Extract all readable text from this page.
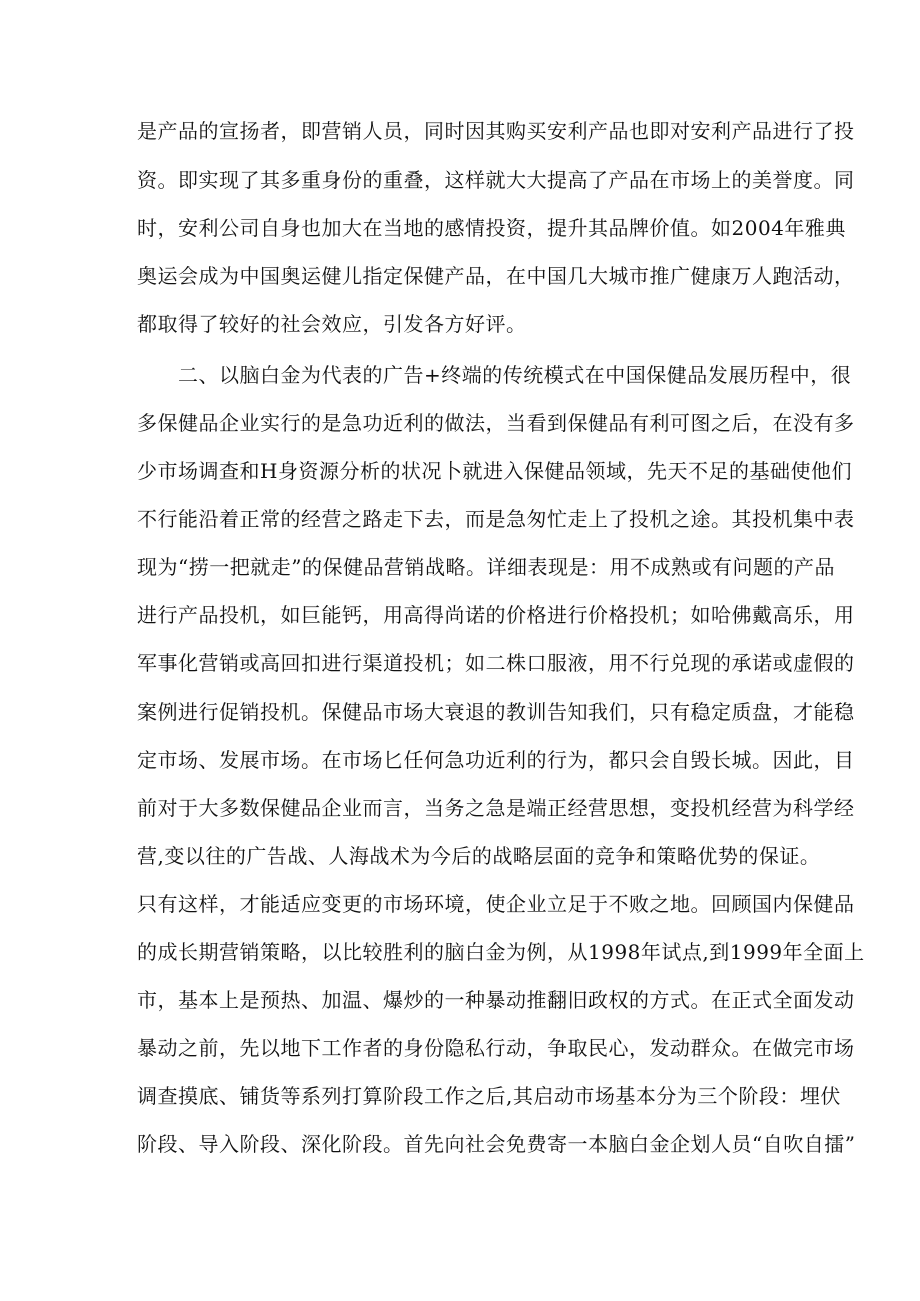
是产品的宣扬者，即营销人员，同时因其购买安利产品也即对安利产品进行了投
资。即实现了其多重身份的重叠，这样就大大提高了产品在市场上的美誉度。同
时，安利公司自身也加大在当地的感情投资，提升其品牌价值。如2004年雅典
奥运会成为中国奥运健儿指定保健产品，在中国几大城市推广健康万人跑活动，
都取得了较好的社会效应，引发各方好评。
二、以脑白金为代表的广告+终端的传统模式在中国保健品发展历程中，很
多保健品企业实行的是急功近利的做法，当看到保健品有利可图之后，在没有多
少市场调查和H身资源分析的状况卜就进入保健品领域，先天不足的基础使他们
不行能沿着正常的经营之路走下去，而是急匆忙走上了投机之途。其投机集中表
现为“捞一把就走”的保健品营销战略。详细表现是：用不成熟或有问题的产品
进行产品投机，如巨能钙，用高得尚诺的价格进行价格投机；如哈佛戴高乐，用
军事化营销或高回扣进行渠道投机；如二株口服液，用不行兑现的承诺或虚假的
案例进行促销投机。保健品市场大衰退的教训告知我们，只有稳定质盘，才能稳
定市场、发展市场。在市场匕任何急功近利的行为，都只会自毁长城。因此，目
前对于大多数保健品企业而言，当务之急是端正经营思想，变投机经营为科学经
营,变以往的广告战、人海战术为今后的战略层面的竞争和策略优势的保证。
只有这样，才能适应变更的市场环境，使企业立足于不败之地。回顾国内保健品
的成长期营销策略，以比较胜利的脑白金为例，从1998年试点,到1999年全面上
市，基本上是预热、加温、爆炒的一种暴动推翻旧政权的方式。在正式全面发动
暴动之前，先以地下工作者的身份隐私行动，争取民心，发动群众。在做完市场
调查摸底、铺货等系列打算阶段工作之后,其启动市场基本分为三个阶段：埋伏
阶段、导入阶段、深化阶段。首先向社会免费寄一本脑白金企划人员“自吹自擂”
